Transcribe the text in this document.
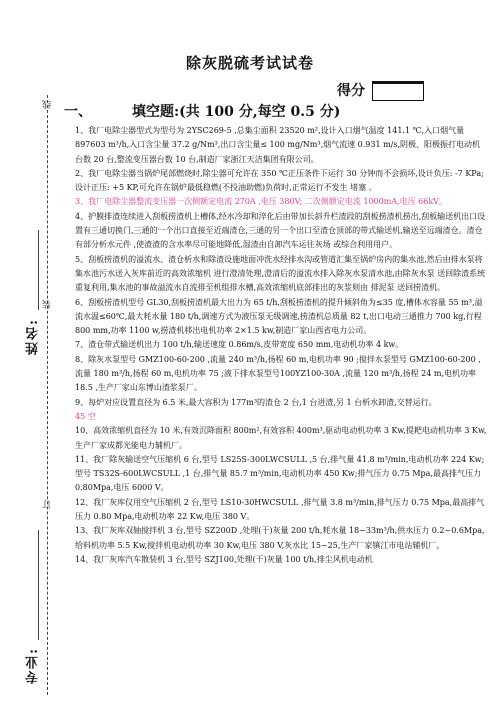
除灰脱硫考试试卷
得分
一、	填空题:(共 100 分,每空 0.5 分)
线
装
订
姓名:
专业:

1、我厂电除尘器型式为型号为 2YSC269-5 ,总集尘面积 23520 m²,设计入口烟气温度 141.1 ℃,入口烟气量 897603 m³/h,入口含尘量 37.2 g/Nm³,出口含尘量≤ 100 mg/Nm³,烟气流速 0.931 m/s,阴极、阳极振打电动机台数 20 台,整流变压器台数 10 台,制造厂家浙江天洁集团有限公司。

2、我厂电除尘器当锅炉尾部燃烧时,除尘器可允许在 350 ℃正压条件下运行 30 分钟而不会损坏,设计负压: -7 KPa; 设计正压: +5 KP,可允许在锅炉最低稳燃(不投油助燃)负荷时,正常运行不发生 堵塞 。

3、我厂电除尘器整流变压器一次侧额定电流 270A ,电压 380V; 二次侧额定电流 1000mA,电压 66kV。

4、护膜排渣连续进入刮板捞渣机上槽体,经水冷却和淬化后由带加长斜升栏渣段的刮板捞渣机捞出,刮板输送机出口设置有三通切换门,三通的一个出口直接至近端渣仓,三通的另一个出口至渣仓顶部的带式输送机,输送至远端渣仓。渣仓有部分析水元件 ,使渣渣的含水率尽可能地降低,湿渣由自卸汽车运往灰场 或综合利用用户。

5、刮板捞渣机的溢流水、渣仓析水和除渣设施地面冲洗水经排水沟或管道汇集至锅炉房内的集水池,然后由排水泵将集水池污水送入灰库前近的高效浓缩机 进行澄清处理,澄清后的溢流水排入除灰水泵清水池,由除灰水泵 送回除渣系统重复利用,集水池的事故溢流水自流排至机组排水槽,高效浓缩机底部排出的灰浆则由 排泥泵 送回捞渣机。

6、刮板捞渣机型号 GL30,刮板捞渣机最大出力为 65 t/h,刮板捞渣机的提升倾斜角为≤35 度,槽体水容量 55 m³,溢流水温≤60℃,最大耗水量 180 t/h,调速方式为液压泵无级调速,捞渣机总质量 82 t,出口电动三通推力 700 kg,行程 800 mm,功率 1100 w,捞渣机移出电机功率 2×1.5 kw,制造厂家山西省电力公司。

7、渣仓带式输送机出力 100 t/h,输送速度 0.86m/s,皮带宽度 650 mm,电动机功率 4 kw。

8、除灰水泵型号 GMZ100-60-200 ,流量 240 m³/h,扬程 60 m,电机功率 90 ;搅拌水泵型号 GMZ100-60-200 ,流量 180 m³/h,扬程 60 m,电机功率 75 ;液下排水泵型号100YZ100-30A ,流量 120 m³/h,扬程 24 m,电机功率 18.5 ,生产厂家山东博山渣浆泵厂。

9、每炉对应设置直径为 6.5 米,最大容积为 177m³的渣仓 2 台,1 台进渣,另 1 台析水卸渣,交替运行。

45 空

10、高效浓缩机直径为 10 米,有效沉降面积 800m²,有效容积 400m³,驱动电动机功率 3 Kw,提耙电动机功率 3 Kw,生产厂家成都光能电力辅机厂。

11、我厂除灰输送空气压缩机 6 台,型号 LS25S-300LWCSULL ,5 台,排气量 41.8 m³/min,电动机功率 224 Kw;型号 TS32S-600LWCSULL ,1 台,排气量 85.7 m³/min,电动机功率 450 Kw;排气压力 0.75 Mpa,最高排气压力 0.80Mpa,电压 6000 V。

12、我厂灰库仪用空气压缩机 2 台,型号 LS10-30HWCSULL ,排气量 3.8 m³/min,排气压力 0.75 Mpa,最高排气压力 0.80 Mpa,电动机功率 22 Kw,电压 380 V。

13、我厂灰库双轴搅拌机 3 台,型号 SZ200D ,处理(干)灰量 200 t/h,耗水量 18~33m³/h,供水压力 0.2~0.6Mpa,给料机功率 5.5 Kw,搅拌机电动机功率 30 Kw,电压 380 V,灰水比 15~25,生产厂家镇江市电站辅机厂。

14、我厂灰库汽车散装机 3 台,型号 SZJ100,处理(干)灰量 100 t/h,排尘风机电动机
